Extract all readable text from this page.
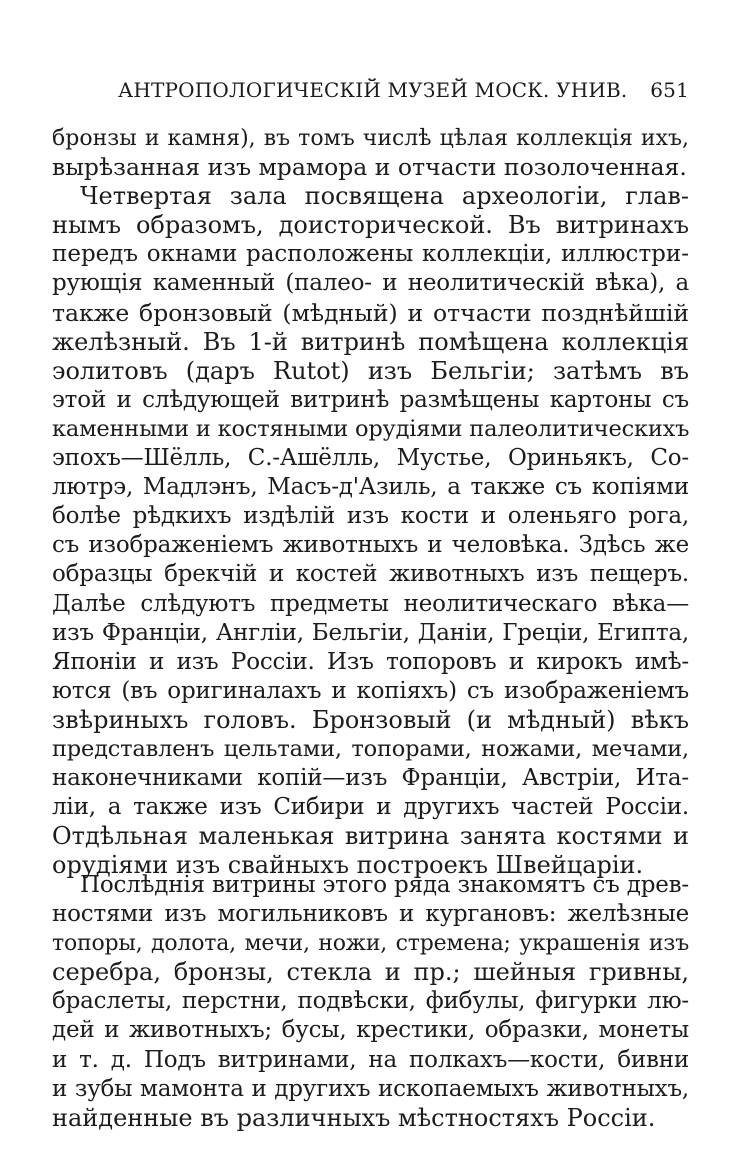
АНТРОПОЛОГИЧЕСКІЙ МУЗЕЙ МОСК. УНИВ. 651
бронзы и камня), въ томъ числѣ цѣлая коллекція ихъ,
вырѣзанная изъ мрамора и отчасти позолоченная.
Четвертая зала посвящена археологіи, глав-
нымъ образомъ, доисторической. Въ витринахъ
передъ окнами расположены коллекціи, иллюстри-
рующія каменный (палео- и неолитическій вѣка), а
также бронзовый (мѣдный) и отчасти позднѣйшій
желѣзный. Въ 1-й витринѣ помѣщена коллекція
эолитовъ (даръ Rutot) изъ Бельгіи; затѣмъ въ
этой и слѣдующей витринѣ размѣщены картоны съ
каменными и костяными орудіями палеолитическихъ
эпохъ—Шёлль, С.-Ашёлль, Мустье, Ориньякъ, Со-
лютрэ, Мадлэнъ, Масъ-д'Азиль, а также съ копіями
болѣе рѣдкихъ издѣлій изъ кости и оленьяго рога,
съ изображеніемъ животныхъ и человѣка. Здѣсь же
образцы брекчій и костей животныхъ изъ пещеръ.
Далѣе слѣдуютъ предметы неолитическаго вѣка—
изъ Франціи, Англіи, Бельгіи, Даніи, Греціи, Египта,
Японіи и изъ Россіи. Изъ топоровъ и кирокъ имѣ-
ются (въ оригиналахъ и копіяхъ) съ изображеніемъ
звѣриныхъ головъ. Бронзовый (и мѣдный) вѣкъ
представленъ цельтами, топорами, ножами, мечами,
наконечниками копій—изъ Франціи, Австріи, Ита-
ліи, а также изъ Сибири и другихъ частей Россіи.
Отдѣльная маленькая витрина занята костями и
орудіями изъ свайныхъ построекъ Швейцаріи.
Послѣднія витрины этого ряда знакомятъ съ древ-
ностями изъ могильниковъ и кургановъ: желѣзные
топоры, долота, мечи, ножи, стремена; украшенія изъ
серебра, бронзы, стекла и пр.; шейныя гривны,
браслеты, перстни, подвѣски, фибулы, фигурки лю-
дей и животныхъ; бусы, крестики, образки, монеты
и т. д. Подъ витринами, на полкахъ—кости, бивни
и зубы мамонта и другихъ ископаемыхъ животныхъ,
найденные въ различныхъ мѣстностяхъ Россіи.
